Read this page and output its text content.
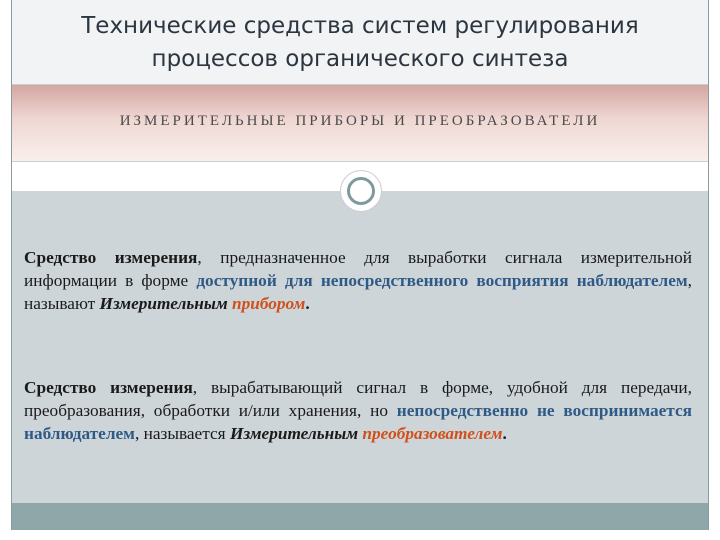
Технические средства систем регулирования
процессов органического синтеза
ИЗМЕРИТЕЛЬНЫЕ ПРИБОРЫ И ПРЕОБРАЗОВАТЕЛИ

Средство измерения, предназначенное для выработки сигнала измерительной информации в форме доступной для непосредственного восприятия наблюдателем, называют Измерительным прибором.

Средство измерения, вырабатывающий сигнал в форме, удобной для передачи, преобразования, обработки и/или хранения, но непосредственно не воспринимается наблюдателем, называется Измерительным преобразователем.
